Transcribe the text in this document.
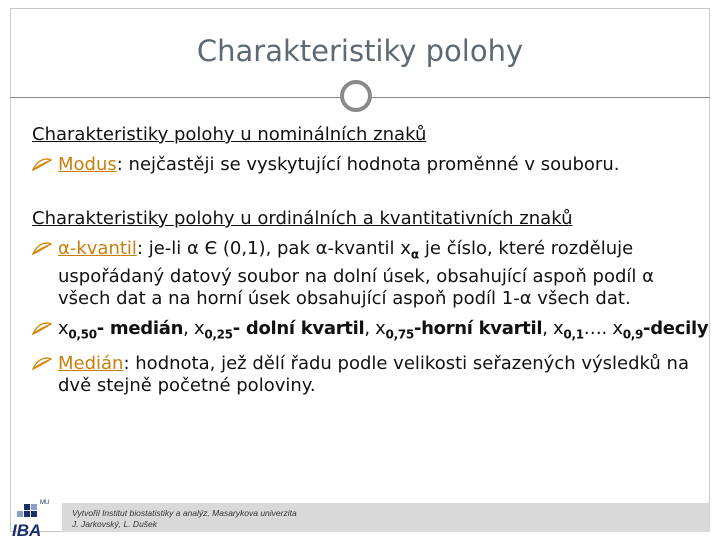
Charakteristiky polohy

Charakteristiky polohy u nominálních znaků

Modus: nejčastěji se vyskytující hodnota proměnné v souboru.

Charakteristiky polohy u ordinálních a kvantitativních znaků

α-kvantil: je-li α Є (0,1), pak α-kvantil $x_\alpha$ je číslo, které rozděluje uspořádaný datový soubor na dolní úsek, obsahující aspoň podíl α všech dat a na horní úsek obsahující aspoň podíl 1-α všech dat.
$x_{0,50}-$ medián, $x_{0,25}-$ dolní kvartil, $x_{0,75}$-horní kvartil, $x_{0,1}\dots$. $x_{0,9}$-decily
Medián: hodnota, jež dělí řadu podle velikosti seřazených výsledků na dvě stejně početné poloviny.
Vytvořil Institut biostatistiky a analýz, Masarykova univerzita
J. Jarkovský, L. Dušek
MU
IBA
